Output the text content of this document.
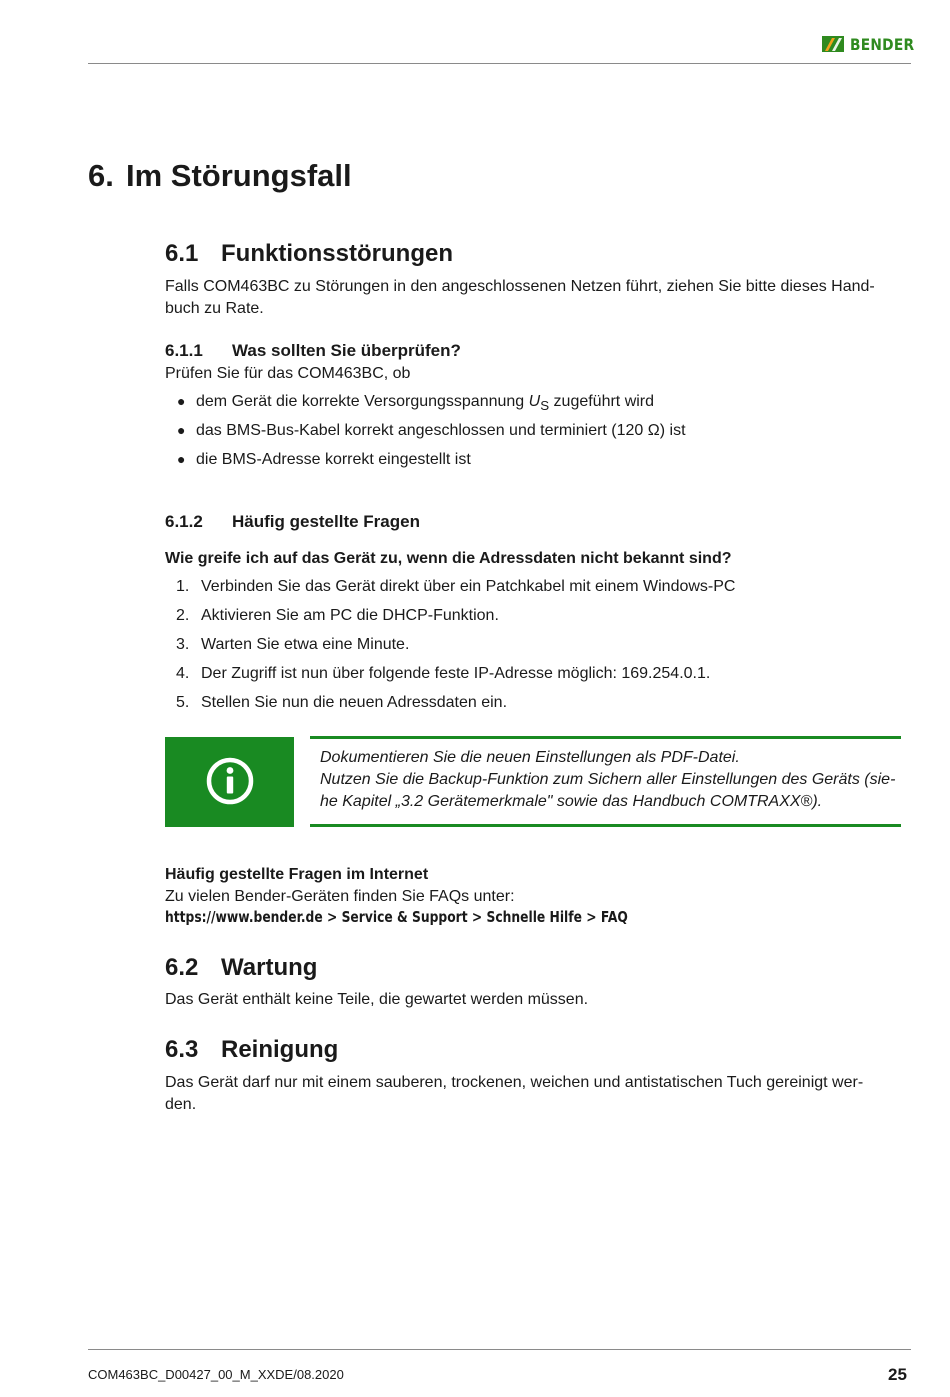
BENDER
6. Im Störungsfall
6.1 Funktionsstörungen
Falls COM463BC zu Störungen in den angeschlossenen Netzen führt, ziehen Sie bitte dieses Hand-
buch zu Rate.
6.1.1 Was sollten Sie überprüfen?
Prüfen Sie für das COM463BC, ob
● dem Gerät die korrekte Versorgungsspannung $U_S$ zugeführt wird
● das BMS-Bus-Kabel korrekt angeschlossen und terminiert (120 Ω) ist
● die BMS-Adresse korrekt eingestellt ist
6.1.2 Häufig gestellte Fragen
Wie greife ich auf das Gerät zu, wenn die Adressdaten nicht bekannt sind?
1. Verbinden Sie das Gerät direkt über ein Patchkabel mit einem Windows-PC
2. Aktivieren Sie am PC die DHCP-Funktion.
3. Warten Sie etwa eine Minute.
4. Der Zugriff ist nun über folgende feste IP-Adresse möglich: 169.254.0.1.
5. Stellen Sie nun die neuen Adressdaten ein.
Dokumentieren Sie die neuen Einstellungen als PDF-Datei.
Nutzen Sie die Backup-Funktion zum Sichern aller Einstellungen des Geräts (sie-
he Kapitel „3.2 Gerätemerkmale" sowie das Handbuch COMTRAXX®).
Häufig gestellte Fragen im Internet
Zu vielen Bender-Geräten finden Sie FAQs unter:
https://www.bender.de > Service & Support > Schnelle Hilfe > FAQ
6.2 Wartung
Das Gerät enthält keine Teile, die gewartet werden müssen.
6.3 Reinigung
Das Gerät darf nur mit einem sauberen, trockenen, weichen und antistatischen Tuch gereinigt wer-
den.
COM463BC_D00427_00_M_XXDE/08.2020	25
